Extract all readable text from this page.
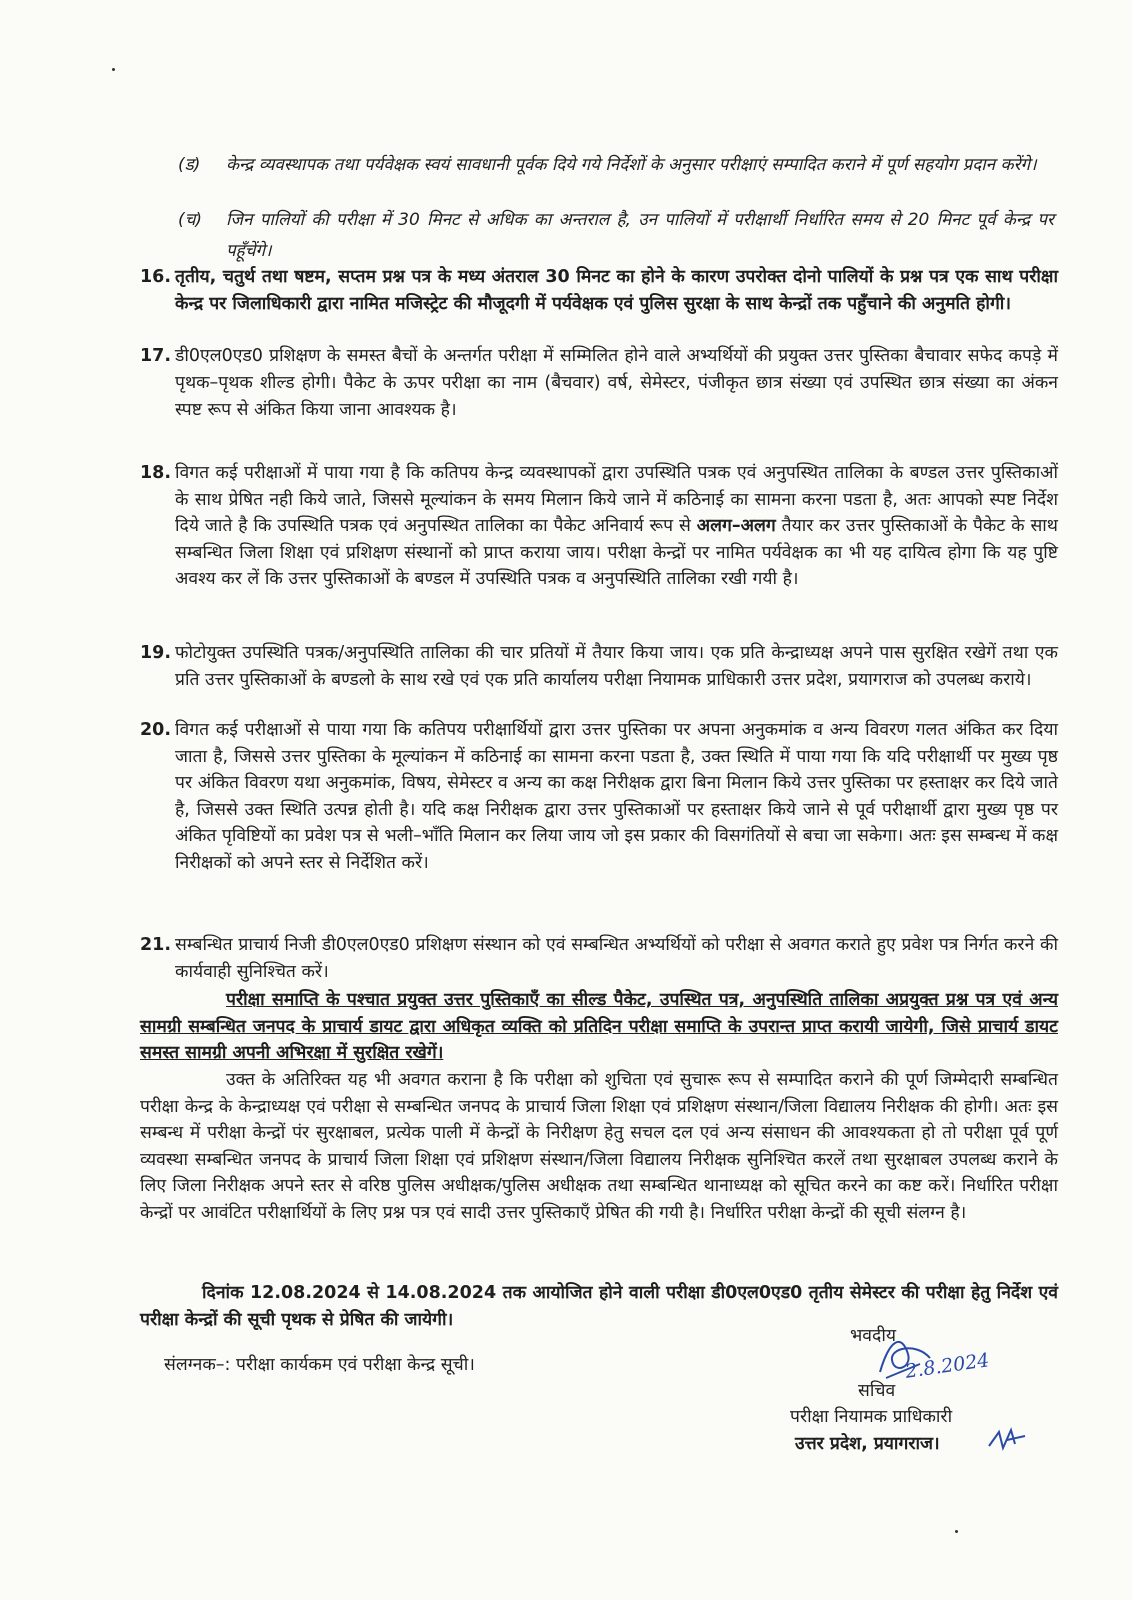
(ड) केन्द्र व्यवस्थापक तथा पर्यवेक्षक स्वयं सावधानी पूर्वक दिये गये निर्देशों के अनुसार परीक्षाएं सम्पादित कराने में पूर्ण सहयोग प्रदान करेंगे।
(च) जिन पालियों की परीक्षा में 30 मिनट से अधिक का अन्तराल है, उन पालियों में परीक्षार्थी निर्धारित समय से 20 मिनट पूर्व केन्द्र पर पहूँचेंगे।
16. तृतीय, चतुर्थ तथा षष्टम, सप्तम प्रश्न पत्र के मध्य अंतराल 30 मिनट का होने के कारण उपरोक्त दोनो पालियों के प्रश्न पत्र एक साथ परीक्षा केन्द्र पर जिलाधिकारी द्वारा नामित मजिस्ट्रेट की मौजूदगी में पर्यवेक्षक एवं पुलिस सुरक्षा के साथ केन्द्रों तक पहुँचाने की अनुमति होगी।
17. डी0एल0एड0 प्रशिक्षण के समस्त बैचों के अन्तर्गत परीक्षा में सम्मिलित होने वाले अभ्यर्थियों की प्रयुक्त उत्तर पुस्तिका बैचावार सफेद कपड़े में पृथक–पृथक शील्ड होगी। पैकेट के ऊपर परीक्षा का नाम (बैचवार) वर्ष, सेमेस्टर, पंजीकृत छात्र संख्या एवं उपस्थित छात्र संख्या का अंकन स्पष्ट रूप से अंकित किया जाना आवश्यक है।
18. विगत कई परीक्षाओं में पाया गया है कि कतिपय केन्द्र व्यवस्थापकों द्वारा उपस्थिति पत्रक एवं अनुपस्थित तालिका के बण्डल उत्तर पुस्तिकाओं के साथ प्रेषित नही किये जाते, जिससे मूल्यांकन के समय मिलान किये जाने में कठिनाई का सामना करना पडता है, अतः आपको स्पष्ट निर्देश दिये जाते है कि उपस्थिति पत्रक एवं अनुपस्थित तालिका का पैकेट अनिवार्य रूप से अलग–अलग तैयार कर उत्तर पुस्तिकाओं के पैकेट के साथ सम्बन्धित जिला शिक्षा एवं प्रशिक्षण संस्थानों को प्राप्त कराया जाय। परीक्षा केन्द्रों पर नामित पर्यवेक्षक का भी यह दायित्व होगा कि यह पुष्टि अवश्य कर लें कि उत्तर पुस्तिकाओं के बण्डल में उपस्थिति पत्रक व अनुपस्थिति तालिका रखी गयी है।
19. फोटोयुक्त उपस्थिति पत्रक/अनुपस्थिति तालिका की चार प्रतियों में तैयार किया जाय। एक प्रति केन्द्राध्यक्ष अपने पास सुरक्षित रखेगें तथा एक प्रति उत्तर पुस्तिकाओं के बण्डलो के साथ रखे एवं एक प्रति कार्यालय परीक्षा नियामक प्राधिकारी उत्तर प्रदेश, प्रयागराज को उपलब्ध कराये।
20. विगत कई परीक्षाओं से पाया गया कि कतिपय परीक्षार्थियों द्वारा उत्तर पुस्तिका पर अपना अनुकमांक व अन्य विवरण गलत अंकित कर दिया जाता है, जिससे उत्तर पुस्तिका के मूल्यांकन में कठिनाई का सामना करना पडता है, उक्त स्थिति में पाया गया कि यदि परीक्षार्थी पर मुख्य पृष्ठ पर अंकित विवरण यथा अनुकमांक, विषय, सेमेस्टर व अन्य का कक्ष निरीक्षक द्वारा बिना मिलान किये उत्तर पुस्तिका पर हस्ताक्षर कर दिये जाते है, जिससे उक्त स्थिति उत्पन्न होती है। यदि कक्ष निरीक्षक द्वारा उत्तर पुस्तिकाओं पर हस्ताक्षर किये जाने से पूर्व परीक्षार्थी द्वारा मुख्य पृष्ठ पर अंकित पृविष्टियों का प्रवेश पत्र से भली–भाँति मिलान कर लिया जाय जो इस प्रकार की विसगंतियों से बचा जा सकेगा। अतः इस सम्बन्ध में कक्ष निरीक्षकों को अपने स्तर से निर्देशित करें।
21. सम्बन्धित प्राचार्य निजी डी0एल0एड0 प्रशिक्षण संस्थान को एवं सम्बन्धित अभ्यर्थियों को परीक्षा से अवगत कराते हुए प्रवेश पत्र निर्गत करने की कार्यवाही सुनिश्चित करें।
परीक्षा समाप्ति के पश्चात प्रयुक्त उत्तर पुस्तिकाएँ का सील्ड पैकेट, उपस्थित पत्र, अनुपस्थिति तालिका अप्रयुक्त प्रश्न पत्र एवं अन्य सामग्री सम्बन्धित जनपद के प्राचार्य डायट द्वारा अधिकृत व्यक्ति को प्रतिदिन परीक्षा समाप्ति के उपरान्त प्राप्त करायी जायेगी, जिसे प्राचार्य डायट समस्त सामग्री अपनी अभिरक्षा में सुरक्षित रखेगें।
उक्त के अतिरिक्त यह भी अवगत कराना है कि परीक्षा को शुचिता एवं सुचारू रूप से सम्पादित कराने की पूर्ण जिम्मेदारी सम्बन्धित परीक्षा केन्द्र के केन्द्राध्यक्ष एवं परीक्षा से सम्बन्धित जनपद के प्राचार्य जिला शिक्षा एवं प्रशिक्षण संस्थान/जिला विद्यालय निरीक्षक की होगी। अतः इस सम्बन्ध में परीक्षा केन्द्रों पंर सुरक्षाबल, प्रत्येक पाली में केन्द्रों के निरीक्षण हेतु सचल दल एवं अन्य संसाधन की आवश्यकता हो तो परीक्षा पूर्व पूर्ण व्यवस्था सम्बन्धित जनपद के प्राचार्य जिला शिक्षा एवं प्रशिक्षण संस्थान/जिला विद्यालय निरीक्षक सुनिश्चित करलें तथा सुरक्षाबल उपलब्ध कराने के लिए जिला निरीक्षक अपने स्तर से वरिष्ठ पुलिस अधीक्षक/पुलिस अधीक्षक तथा सम्बन्धित थानाध्यक्ष को सूचित करने का कष्ट करें। निर्धारित परीक्षा केन्द्रों पर आवंटित परीक्षार्थियों के लिए प्रश्न पत्र एवं सादी उत्तर पुस्तिकाएँ प्रेषित की गयी है। निर्धारित परीक्षा केन्द्रों की सूची संलग्न है।
दिनांक 12.08.2024 से 14.08.2024 तक आयोजित होने वाली परीक्षा डी0एल0एड0 तृतीय सेमेस्टर की परीक्षा हेतु निर्देश एवं परीक्षा केन्द्रों की सूची पृथक से प्रेषित की जायेगी।
संलग्नक–: परीक्षा कार्यकम एवं परीक्षा केन्द्र सूची।
भवदीय
2.8.2024
सचिव
परीक्षा नियामक प्राधिकारी
उत्तर प्रदेश, प्रयागराज।
